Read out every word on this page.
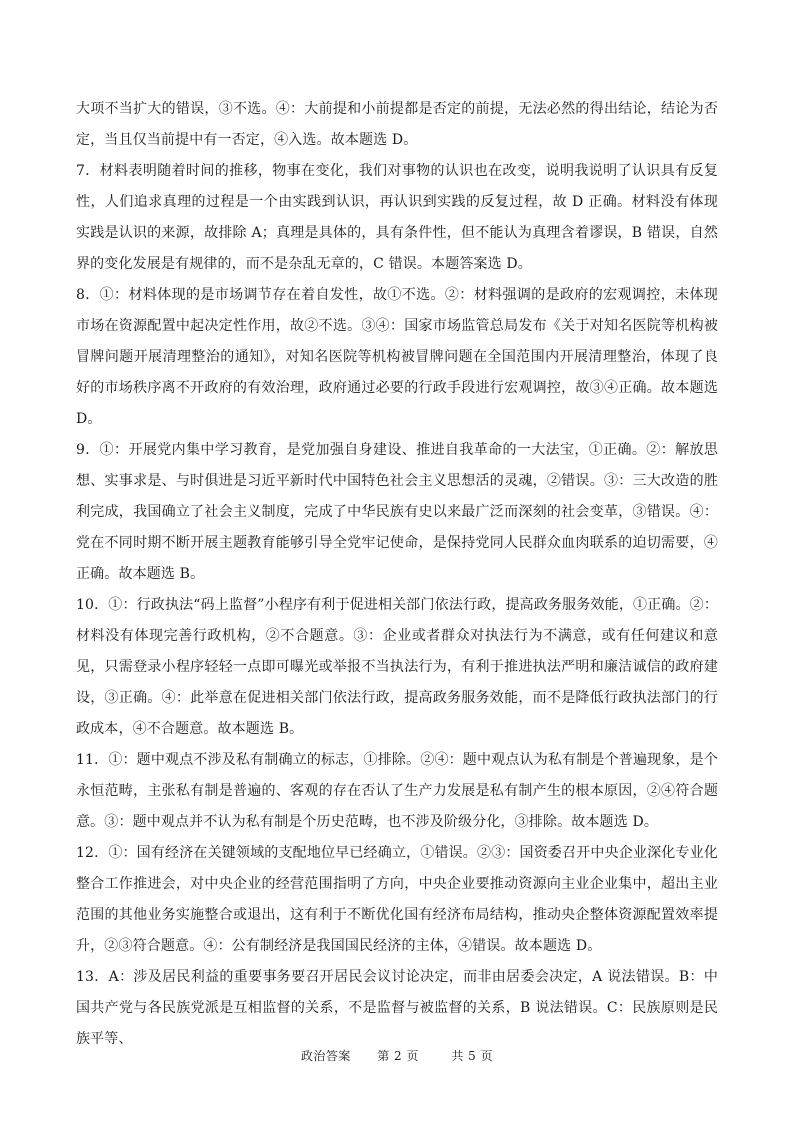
大项不当扩大的错误，③不选。④：大前提和小前提都是否定的前提，无法必然的得出结论，结论为否定，当且仅当前提中有一否定，④入选。故本题选 D。

7．材料表明随着时间的推移，物事在变化，我们对事物的认识也在改变，说明我说明了认识具有反复性，人们追求真理的过程是一个由实践到认识，再认识到实践的反复过程，故 D 正确。材料没有体现实践是认识的来源，故排除 A；真理是具体的，具有条件性，但不能认为真理含着谬误，B 错误，自然界的变化发展是有规律的，而不是杂乱无章的，C 错误。本题答案选 D。

8．①：材料体现的是市场调节存在着自发性，故①不选。②：材料强调的是政府的宏观调控，未体现市场在资源配置中起决定性作用，故②不选。③④：国家市场监管总局发布《关于对知名医院等机构被冒牌问题开展清理整治的通知》，对知名医院等机构被冒牌问题在全国范围内开展清理整治，体现了良好的市场秩序离不开政府的有效治理，政府通过必要的行政手段进行宏观调控，故③④正确。故本题选 D。

9．①：开展党内集中学习教育，是党加强自身建设、推进自我革命的一大法宝，①正确。②：解放思想、实事求是、与时俱进是习近平新时代中国特色社会主义思想活的灵魂，②错误。③：三大改造的胜利完成，我国确立了社会主义制度，完成了中华民族有史以来最广泛而深刻的社会变革，③错误。④：党在不同时期不断开展主题教育能够引导全党牢记使命，是保持党同人民群众血肉联系的迫切需要，④正确。故本题选 B。

10．①：行政执法“码上监督”小程序有利于促进相关部门依法行政，提高政务服务效能，①正确。②：材料没有体现完善行政机构，②不合题意。③：企业或者群众对执法行为不满意，或有任何建议和意见，只需登录小程序轻轻一点即可曝光或举报不当执法行为，有利于推进执法严明和廉洁诚信的政府建设，③正确。④：此举意在促进相关部门依法行政，提高政务服务效能，而不是降低行政执法部门的行政成本，④不合题意。故本题选 B。

11．①：题中观点不涉及私有制确立的标志，①排除。②④：题中观点认为私有制是个普遍现象，是个永恒范畴，主张私有制是普遍的、客观的存在否认了生产力发展是私有制产生的根本原因，②④符合题意。③：题中观点并不认为私有制是个历史范畴，也不涉及阶级分化，③排除。故本题选 D。

12．①：国有经济在关键领域的支配地位早已经确立，①错误。②③：国资委召开中央企业深化专业化整合工作推进会，对中央企业的经营范围指明了方向，中央企业要推动资源向主业企业集中，超出主业范围的其他业务实施整合或退出，这有利于不断优化国有经济布局结构，推动央企整体资源配置效率提升，②③符合题意。④：公有制经济是我国国民经济的主体，④错误。故本题选 D。

13．A：涉及居民利益的重要事务要召开居民会议讨论决定，而非由居委会决定，A 说法错误。B：中国共产党与各民族党派是互相监督的关系，不是监督与被监督的关系，B 说法错误。C：民族原则是民族平等、

政治答案 第 2 页	共 5 页
